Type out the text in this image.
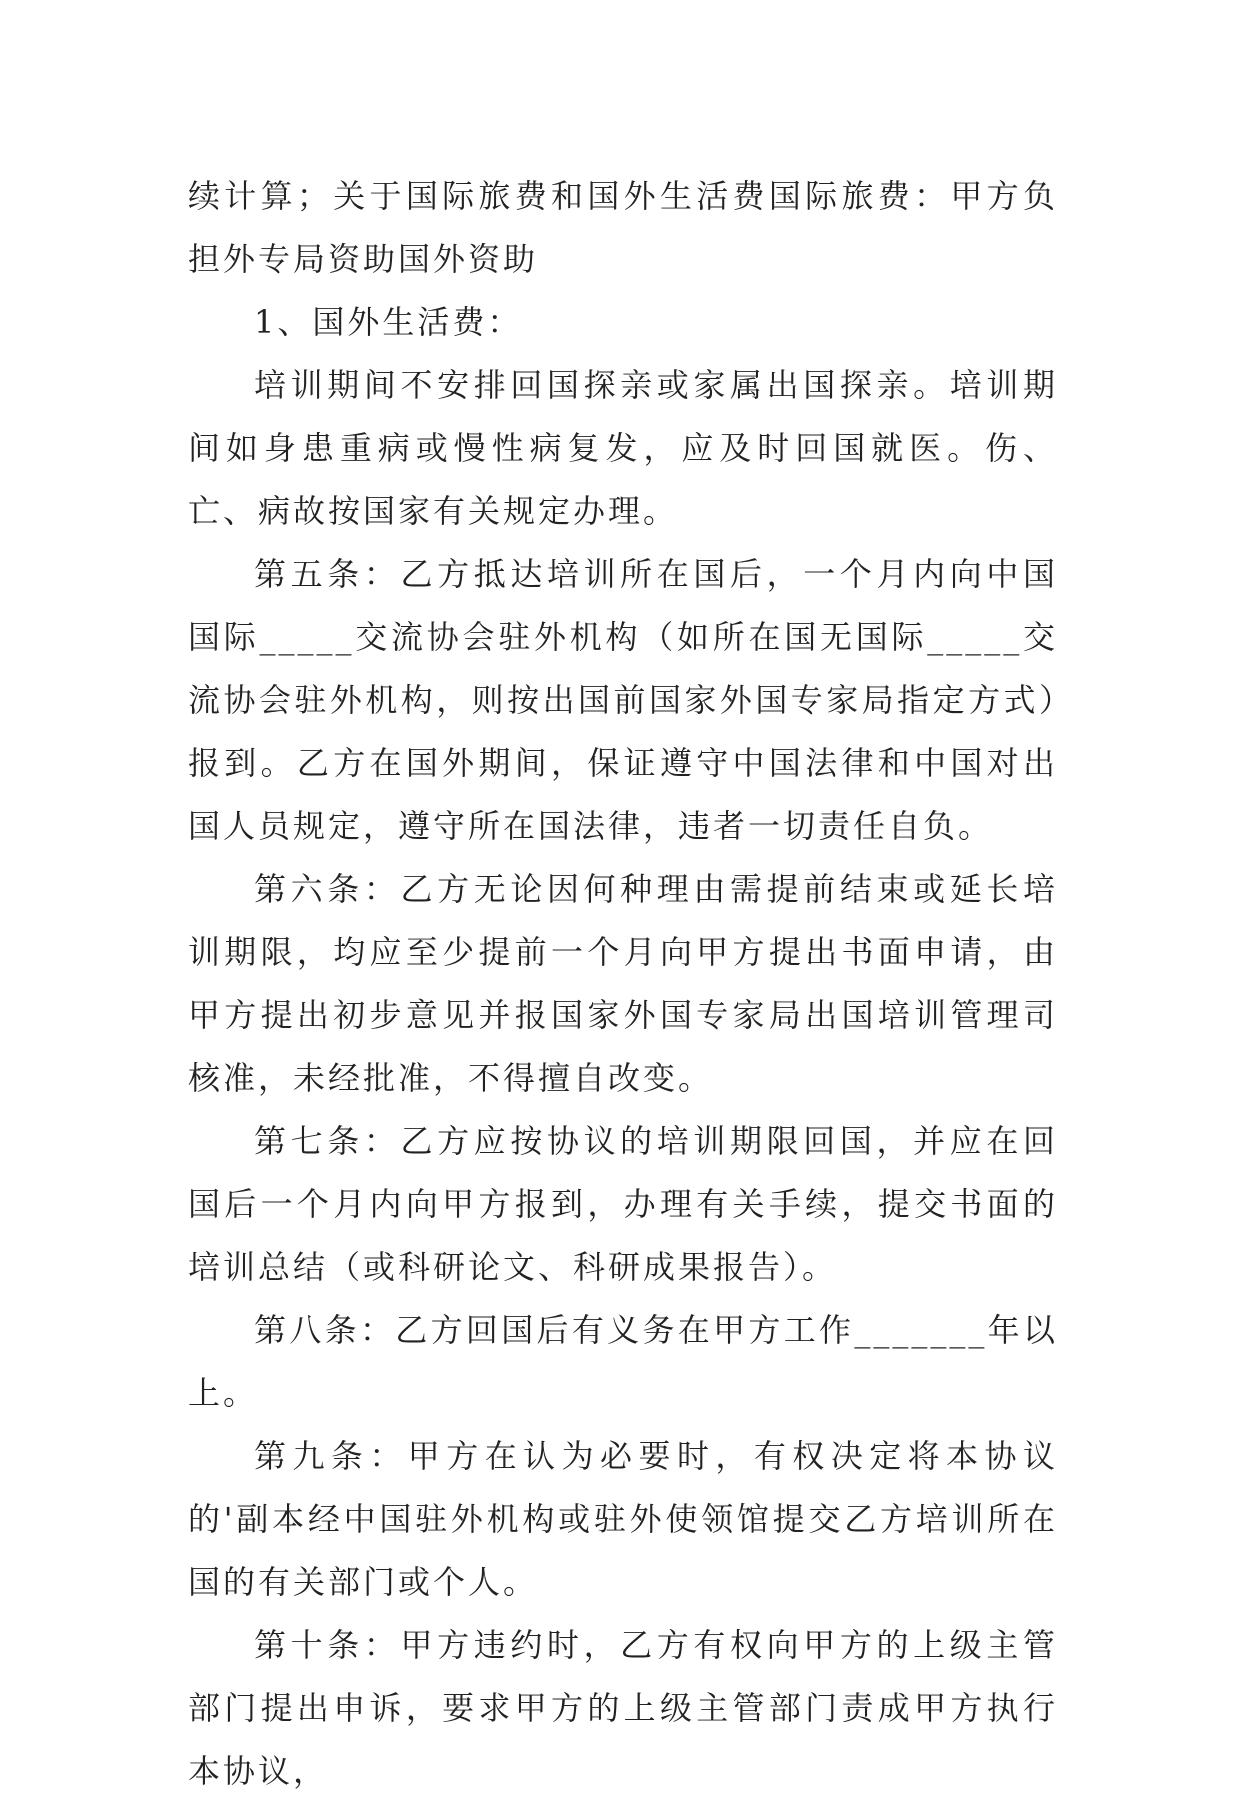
续计算；关于国际旅费和国外生活费国际旅费：甲方负担外专局资助国外资助

1、国外生活费：

培训期间不安排回国探亲或家属出国探亲。培训期间如身患重病或慢性病复发，应及时回国就医。伤、亡、病故按国家有关规定办理。

第五条：乙方抵达培训所在国后，一个月内向中国国际_____交流协会驻外机构（如所在国无国际_____交流协会驻外机构，则按出国前国家外国专家局指定方式）报到。乙方在国外期间，保证遵守中国法律和中国对出国人员规定，遵守所在国法律，违者一切责任自负。

第六条：乙方无论因何种理由需提前结束或延长培训期限，均应至少提前一个月向甲方提出书面申请，由甲方提出初步意见并报国家外国专家局出国培训管理司核准，未经批准，不得擅自改变。

第七条：乙方应按协议的培训期限回国，并应在回国后一个月内向甲方报到，办理有关手续，提交书面的培训总结（或科研论文、科研成果报告）。

第八条：乙方回国后有义务在甲方工作_______年以上。

第九条：甲方在认为必要时，有权决定将本协议的'副本经中国驻外机构或驻外使领馆提交乙方培训所在国的有关部门或个人。

第十条：甲方违约时，乙方有权向甲方的上级主管部门提出申诉，要求甲方的上级主管部门责成甲方执行本协议，
